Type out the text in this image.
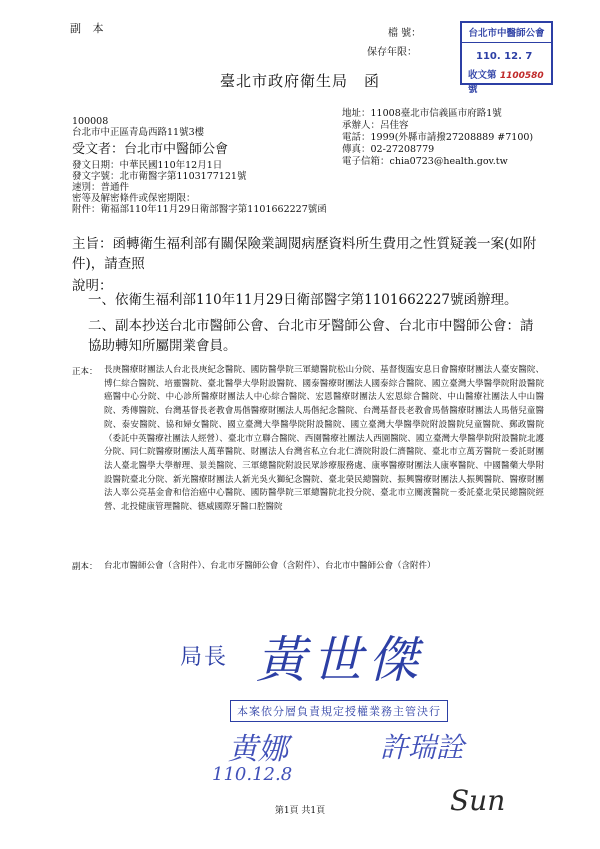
副 本	檔 號：
保存年限：
臺北市政府衛生局　函
台北市中醫師公會
110. 12. 7
收文第 1100580號
100008
台北市中正區青島西路11號3樓
受文者：台北市中醫師公會
發文日期：中華民國110年12月1日
發文字號：北市衛醫字第1103177121號
速別：普通件
密等及解密條件或保密期限：
附件：衛福部110年11月29日衛部醫字第1101662227號函
地址： 11008臺北市信義區市府路1號
承辦人： 呂佳容
電話： 1999(外縣市請撥27208889 #7100)
傳真： 02-27208779
電子信箱： chia0723@health.gov.tw
主旨：函轉衛生福利部有關保險業調閱病歷資料所生費用之性質疑義一案(如附件)，請查照
說明：
一、依衛生福利部110年11月29日衛部醫字第1101662227號函辦理。
二、副本抄送台北市醫師公會、台北市牙醫師公會、台北市中醫師公會：請協助轉知所屬開業會員。
正本： 長庚醫療財團法人台北長庚紀念醫院、國防醫學院三軍總醫院松山分院、基督復臨安息日會醫療財團法人臺安醫院、博仁綜合醫院、培靈醫院、臺北醫學大學附設醫院、國泰醫療財團法人國泰綜合醫院、國立臺灣大學醫學院附設醫院癌醫中心分院、中心診所醫療財團法人中心綜合醫院、宏恩醫療財團法人宏恩綜合醫院、中山醫療社團法人中山醫院、秀傳醫院、台灣基督長老教會馬偕醫療財團法人馬偕紀念醫院、台灣基督長老教會馬偕醫療財團法人馬偕兒童醫院、泰安醫院、協和婦女醫院、國立臺灣大學醫學院附設醫院、國立臺灣大學醫學院附設醫院兒童醫院、郵政醫院（委託中英醫療社團法人經營）、臺北市立聯合醫院、西園醫療社團法人西園醫院、國立臺灣大學醫學院附設醫院北護分院、同仁院醫療財團法人萬華醫院、財團法人台灣省私立台北仁濟院附設仁濟醫院、臺北市立萬芳醫院－委託財團法人臺北醫學大學辦理、景美醫院、三軍總醫院附設民眾診療服務處、康寧醫療財團法人康寧醫院、中國醫藥大學附設醫院臺北分院、新光醫療財團法人新光吳火獅紀念醫院、臺北榮民總醫院、振興醫療財團法人振興醫院、醫療財團法人辜公亮基金會和信治癌中心醫院、國防醫學院三軍總醫院北投分院、臺北市立關渡醫院－委託臺北榮民總醫院經營、北投健康管理醫院、德威國際牙醫口腔醫院
副本： 台北市醫師公會（含附件）、台北市牙醫師公會（含附件）、台北市中醫師公會（含附件）
局長 黃世傑
本案依分層負責規定授權業務主管決行
黄娜
110.12.8
許瑞詮
Sun
第1頁 共1頁
